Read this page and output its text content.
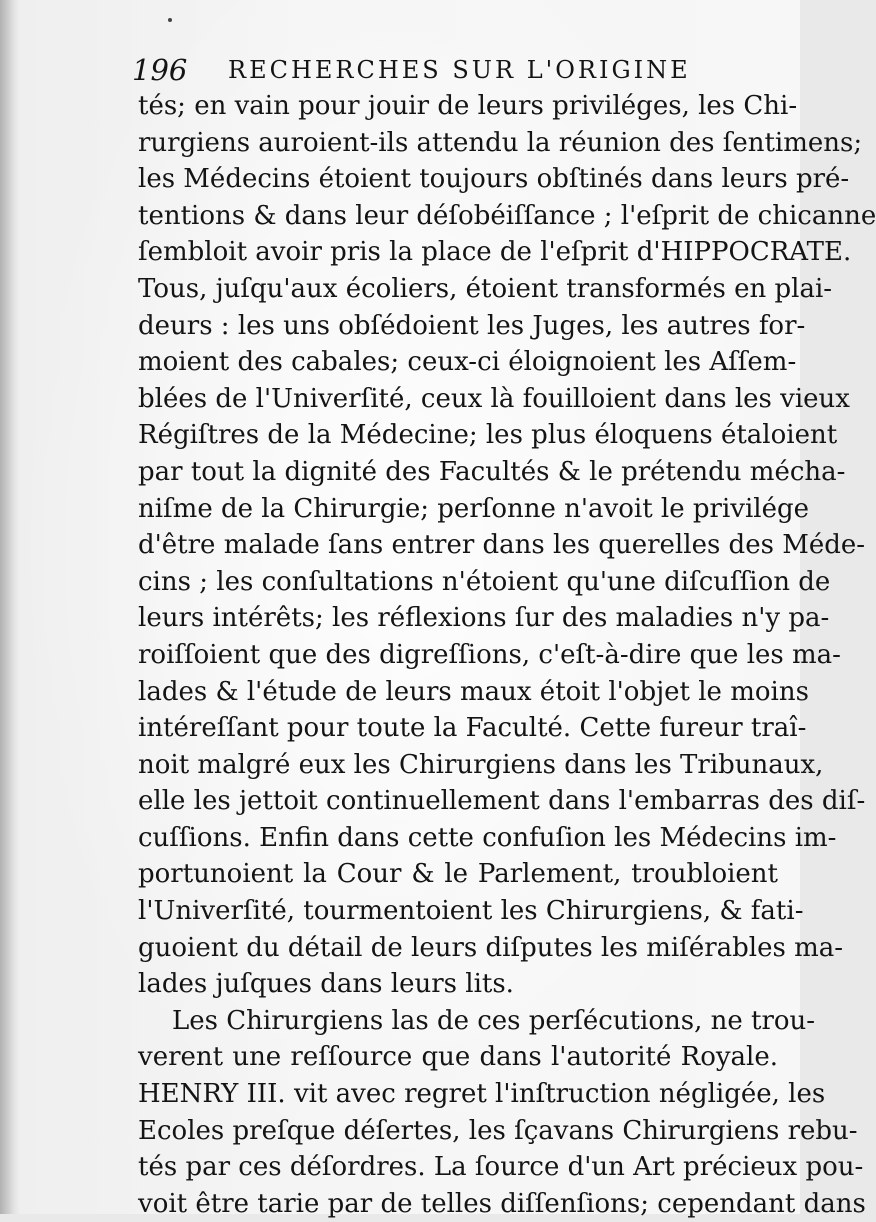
196 RECHERCHES SUR L'ORIGINE
tés; en vain pour jouir de leurs priviléges, les Chi-
rurgiens auroient-ils attendu la réunion des ſentimens;
les Médecins étoient toujours obſtinés dans leurs pré-
tentions & dans leur déſobéiſſance ; l'eſprit de chicanne
ſembloit avoir pris la place de l'eſprit d'HIPPOCRATE.
Tous, juſqu'aux écoliers, étoient transformés en plai-
deurs : les uns obſédoient les Juges, les autres for-
moient des cabales; ceux-ci éloignoient les Aſſem-
blées de l'Univerſité, ceux là fouilloient dans les vieux
Régiſtres de la Médecine; les plus éloquens étaloient
par tout la dignité des Facultés & le prétendu mécha-
niſme de la Chirurgie; perſonne n'avoit le privilége
d'être malade ſans entrer dans les querelles des Méde-
cins ; les conſultations n'étoient qu'une diſcuſſion de
leurs intérêts; les réflexions ſur des maladies n'y pa-
roiſſoient que des digreſſions, c'eſt-à-dire que les ma-
lades & l'étude de leurs maux étoit l'objet le moins
intéreſſant pour toute la Faculté. Cette fureur traî-
noit malgré eux les Chirurgiens dans les Tribunaux,
elle les jettoit continuellement dans l'embarras des diſ-
cuſſions. Enfin dans cette confuſion les Médecins im-
portunoient la Cour & le Parlement, troubloient
l'Univerſité, tourmentoient les Chirurgiens, & fati-
guoient du détail de leurs diſputes les miſérables ma-
lades juſques dans leurs lits.
Les Chirurgiens las de ces perſécutions, ne trou-
verent une reſſource que dans l'autorité Royale.
HENRY III. vit avec regret l'inſtruction négligée, les
Ecoles preſque déſertes, les ſçavans Chirurgiens rebu-
tés par ces déſordres. La ſource d'un Art précieux pou-
voit être tarie par de telles diſſenſions; cependant dans
